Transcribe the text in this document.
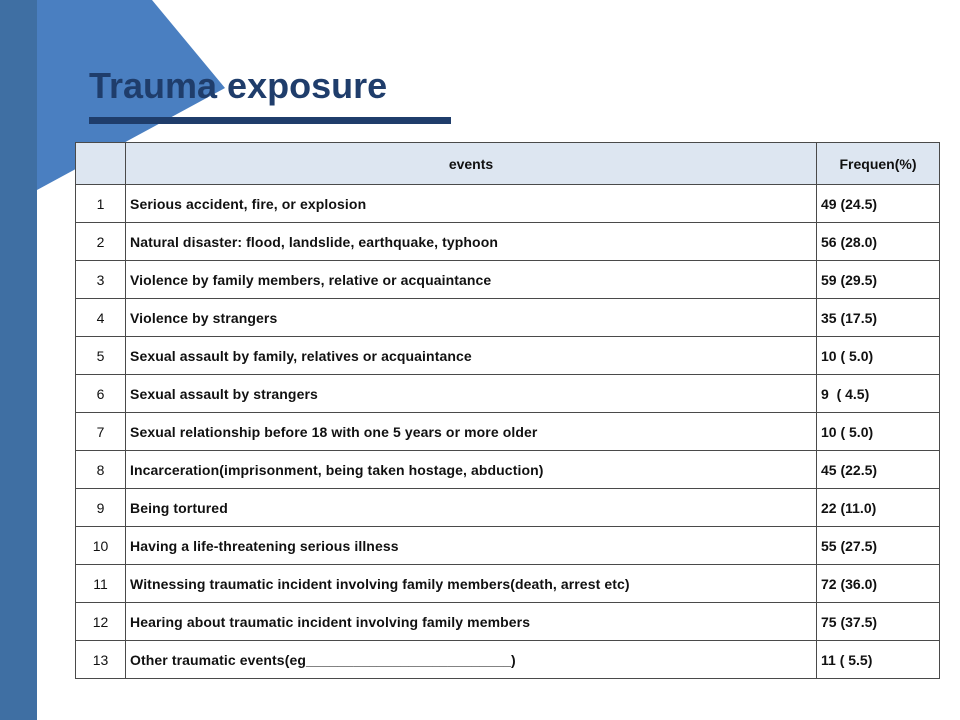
Trauma exposure
	events	Frequen(%)
1	Serious accident, fire, or explosion	49 (24.5)
2	Natural disaster: flood, landslide, earthquake, typhoon	56 (28.0)
3	Violence by family members, relative or acquaintance	59 (29.5)
4	Violence by strangers	35 (17.5)
5	Sexual assault by family, relatives or acquaintance	10 ( 5.0)
6	Sexual assault by strangers	9  ( 4.5)
7	Sexual relationship before 18 with one 5 years or more older	10 ( 5.0)
8	Incarceration(imprisonment, being taken hostage, abduction)	45 (22.5)
9	Being tortured	22 (11.0)
10	Having a life-threatening serious illness	55 (27.5)
11	Witnessing traumatic incident involving family members(death, arrest etc)	72 (36.0)
12	Hearing about traumatic incident involving family members	75 (37.5)
13	Other traumatic events(eg__________________________)	11 ( 5.5)
